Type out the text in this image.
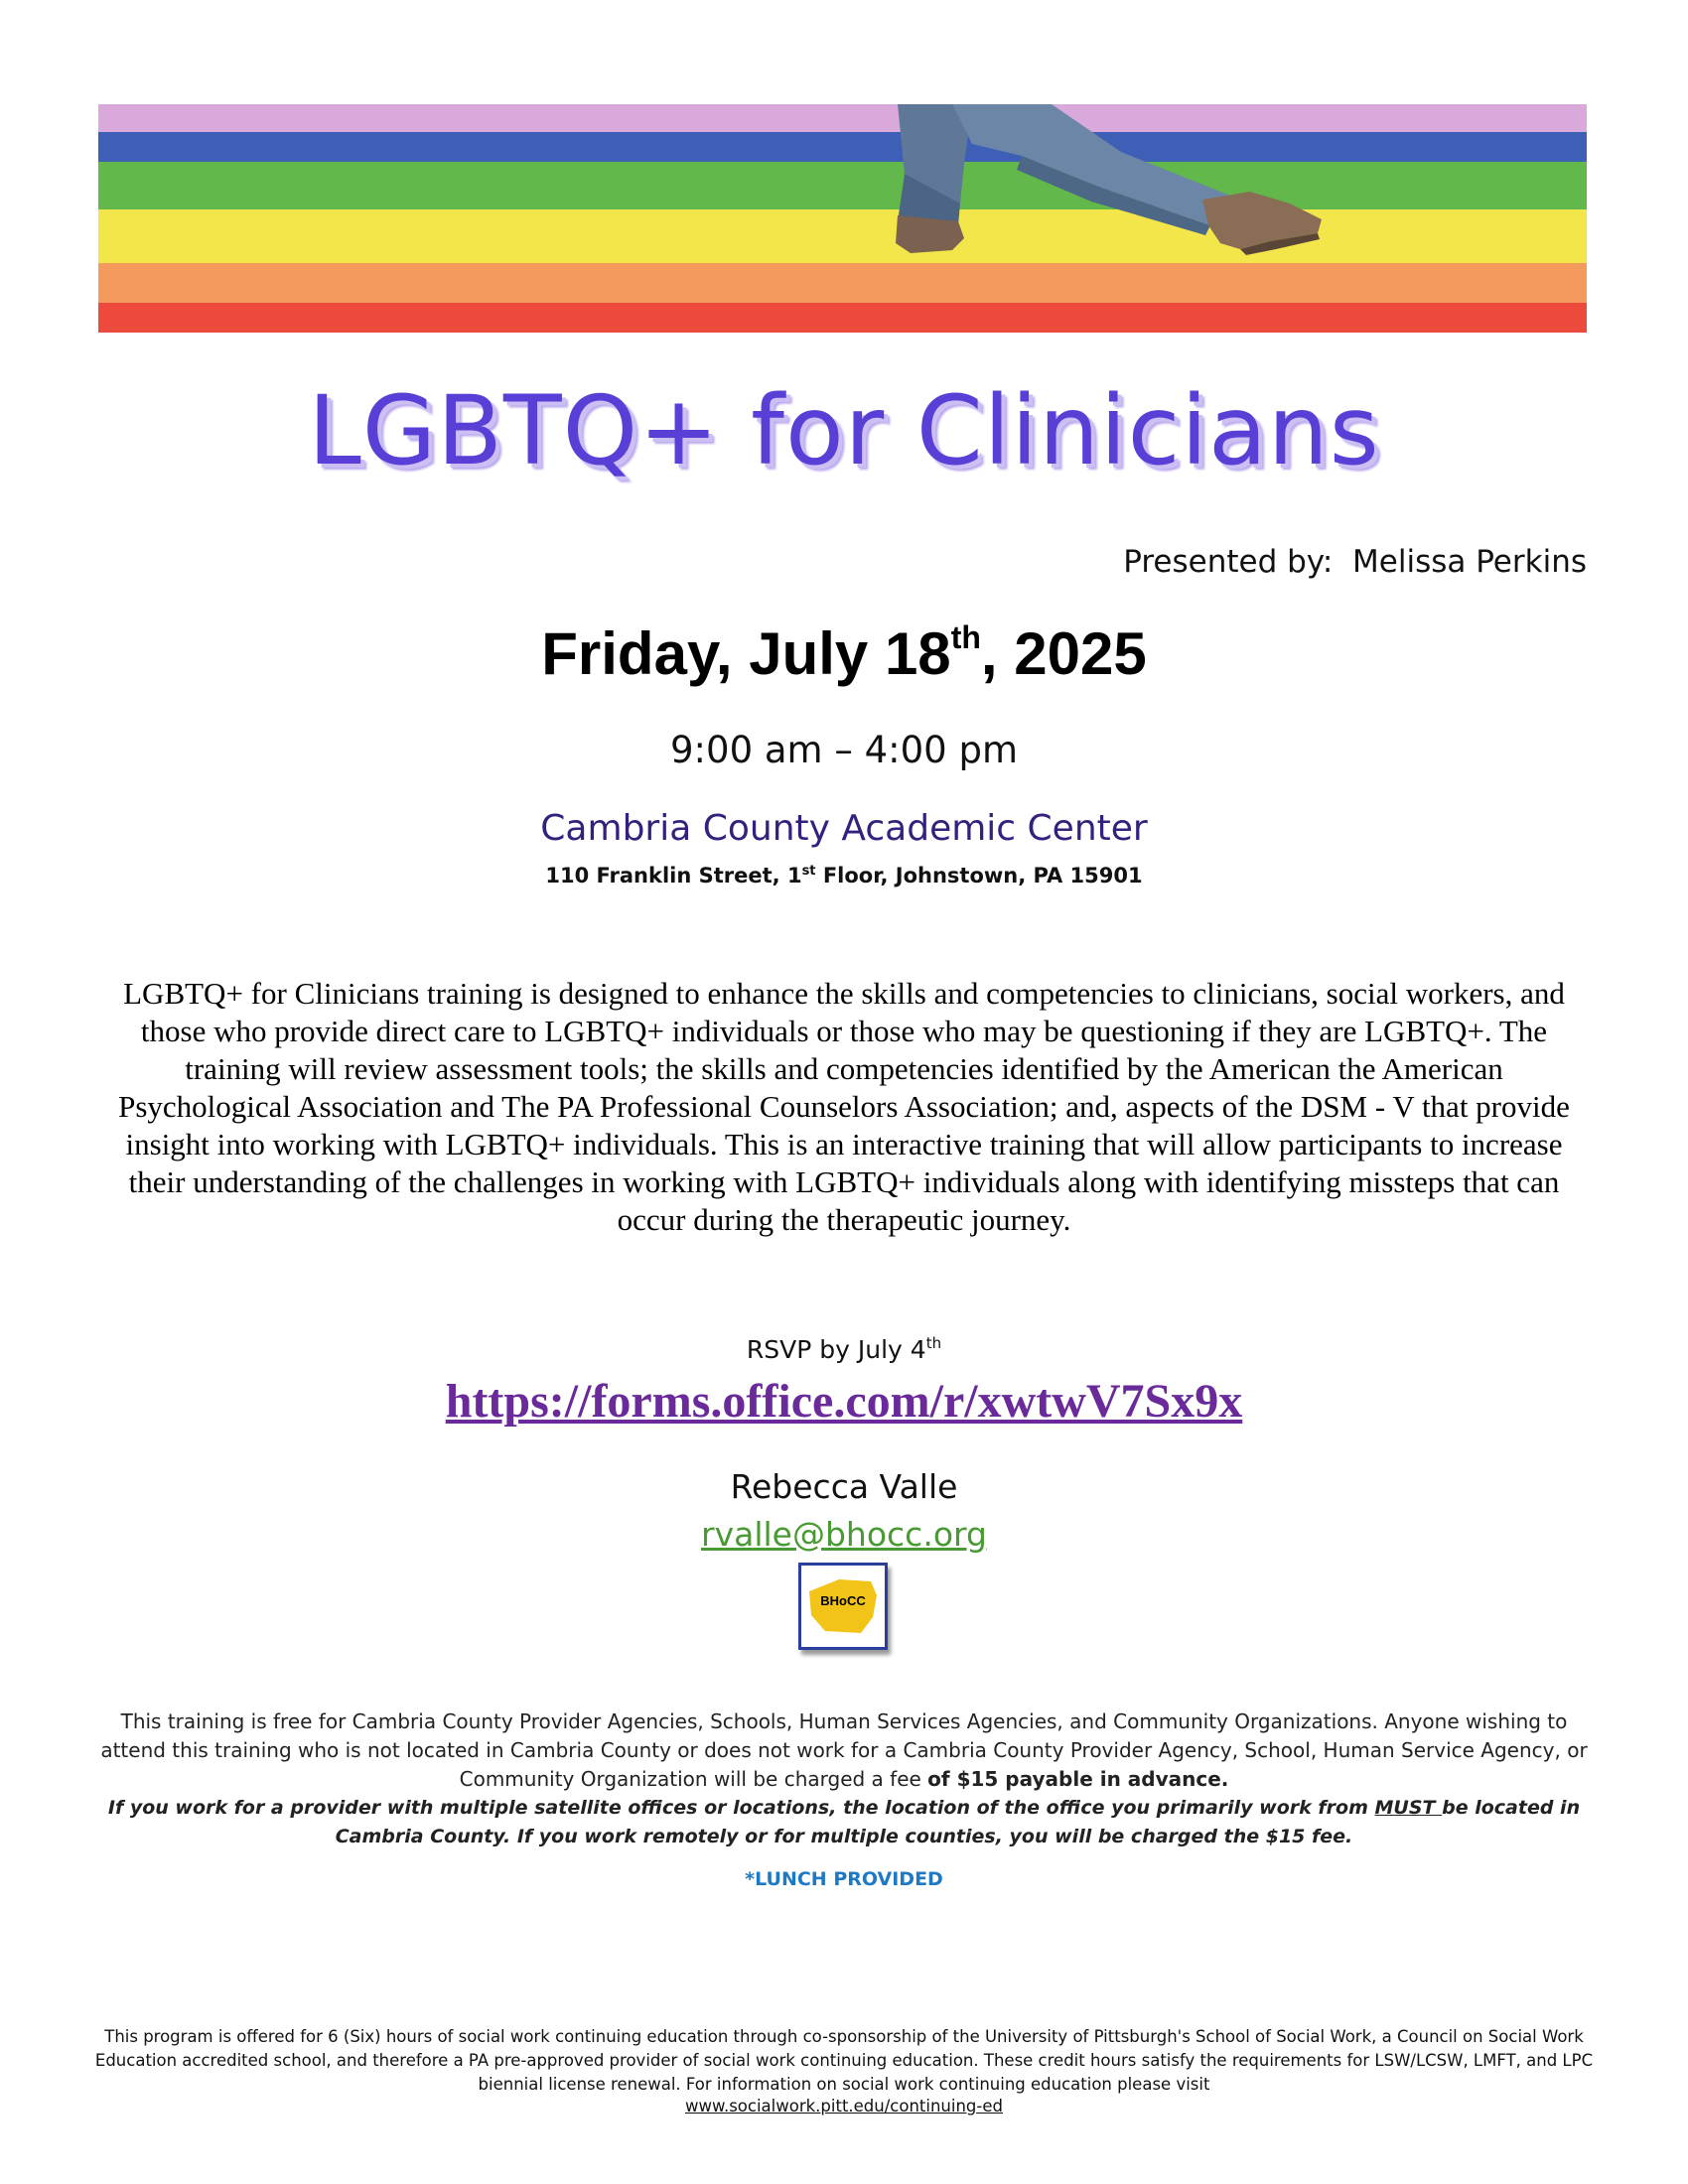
LGBTQ+ for Clinicians
Presented by:  Melissa Perkins
Friday, July 18th, 2025
9:00 am – 4:00 pm
Cambria County Academic Center
110 Franklin Street, 1st Floor, Johnstown, PA 15901

LGBTQ+ for Clinicians training is designed to enhance the skills and competencies to clinicians, social workers, and those who provide direct care to LGBTQ+ individuals or those who may be questioning if they are LGBTQ+. The training will review assessment tools; the skills and competencies identified by the American the American Psychological Association and The PA Professional Counselors Association; and, aspects of the DSM - V that provide insight into working with LGBTQ+ individuals. This is an interactive training that will allow participants to increase their understanding of the challenges in working with LGBTQ+ individuals along with identifying missteps that can occur during the therapeutic journey.

RSVP by July 4th
https://forms.office.com/r/xwtwV7Sx9x
Rebecca Valle
rvalle@bhocc.org
BHoCC

This training is free for Cambria County Provider Agencies, Schools, Human Services Agencies, and Community Organizations. Anyone wishing to attend this training who is not located in Cambria County or does not work for a Cambria County Provider Agency, School, Human Service Agency, or Community Organization will be charged a fee of $15 payable in advance.

If you work for a provider with multiple satellite offices or locations, the location of the office you primarily work from MUST be located in Cambria County. If you work remotely or for multiple counties, you will be charged the $15 fee.

*LUNCH PROVIDED

This program is offered for 6 (Six) hours of social work continuing education through co-sponsorship of the University of Pittsburgh's School of Social Work, a Council on Social Work Education accredited school, and therefore a PA pre-approved provider of social work continuing education. These credit hours satisfy the requirements for LSW/LCSW, LMFT, and LPC biennial license renewal. For information on social work continuing education please visit

www.socialwork.pitt.edu/continuing-ed
